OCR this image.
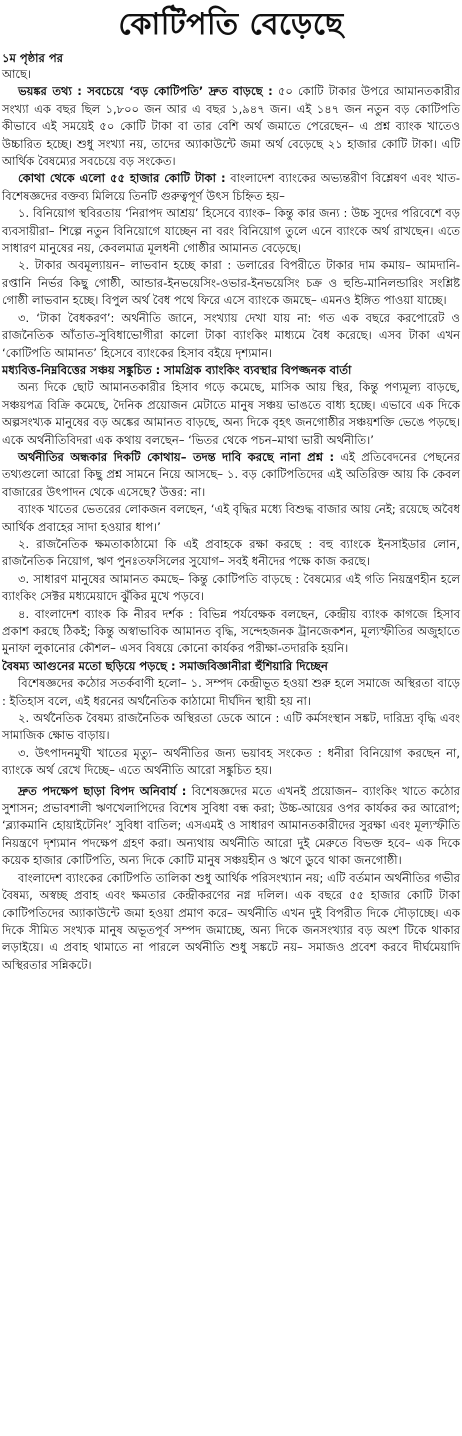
কোটিপতি বেড়েছে

১ম পৃষ্ঠার পর

আছে।

ভয়ঙ্কর তথ্য : সবচেয়ে ‘বড় কোটিপতি’ দ্রুত বাড়ছে : ৫০ কোটি টাকার উপরে আমানতকারীর সংখ্যা এক বছর ছিল ১,৮০০ জন আর এ বছর ১,৯৪৭ জন। এই ১৪৭ জন নতুন বড় কোটিপতি কীভাবে এই সময়েই ৫০ কোটি টাকা বা তার বেশি অর্থ জমাতে পেরেছেন– এ প্রশ্ন ব্যাংক খাতেও উচ্চারিত হচ্ছে। শুধু সংখ্যা নয়, তাদের অ্যাকাউন্টে জমা অর্থ বেড়েছে ২১ হাজার কোটি টাকা। এটি আর্থিক বৈষম্যের সবচেয়ে বড় সংকেত।

কোথা থেকে এলো ৫৫ হাজার কোটি টাকা : বাংলাদেশ ব্যাংকের অভ্যন্তরীণ বিশ্লেষণ এবং খাত-বিশেষজ্ঞদের বক্তব্য মিলিয়ে তিনটি গুরুত্বপূর্ণ উৎস চিহ্নিত হয়–

১. বিনিয়োগ স্থবিরতায় ‘নিরাপদ আশ্রয়’ হিসেবে ব্যাংক– কিন্তু কার জন্য : উচ্চ সুদের পরিবেশে বড় ব্যবসায়ীরা– শিল্পে নতুন বিনিয়োগে যাচ্ছেন না বরং বিনিয়োগ তুলে এনে ব্যাংকে অর্থ রাখছেন। এতে সাধারণ মানুষের নয়, কেবলমাত্র মূলধনী গোষ্ঠীর আমানত বেড়েছে।

২. টাকার অবমূল্যায়ন– লাভবান হচ্ছে কারা : ডলারের বিপরীতে টাকার দাম কমায়– আমদানি-রপ্তানি নির্ভর কিছু গোষ্ঠী, আন্ডার-ইনভয়েসিং-ওভার-ইনভয়েসিং চক্র ও হুন্ডি-মানিলন্ডারিং সংশ্লিষ্ট গোষ্ঠী লাভবান হচ্ছে। বিপুল অর্থ বৈধ পথে ফিরে এসে ব্যাংকে জমছে– এমনও ইঙ্গিত পাওয়া যাচ্ছে।

৩. ‘টাকা বৈধকরণ’: অর্থনীতি জানে, সংখ্যায় দেখা যায় না: গত এক বছরে করপোরেট ও রাজনৈতিক আঁতাত-সুবিধাভোগীরা কালো টাকা ব্যাংকিং মাধ্যমে বৈধ করেছে। এসব টাকা এখন ‘কোটিপতি আমানত’ হিসেবে ব্যাংকের হিসাব বইয়ে দৃশ্যমান।

মধ্যবিত্ত-নিম্নবিত্তের সঞ্চয় সঙ্কুচিত : সামগ্রিক ব্যাংকিং ব্যবস্থার বিপজ্জনক বার্তা

অন্য দিকে ছোট আমানতকারীর হিসাব গড়ে কমেছে, মাসিক আয় স্থির, কিন্তু পণ্যমূল্য বাড়ছে, সঞ্চয়পত্র বিক্রি কমেছে, দৈনিক প্রয়োজন মেটাতে মানুষ সঞ্চয় ভাঙতে বাধ্য হচ্ছে। এভাবে এক দিকে অল্পসংখ্যক মানুষের বড় অঙ্কের আমানত বাড়ছে, অন্য দিকে বৃহৎ জনগোষ্ঠীর সঞ্চয়শক্তি ভেঙে পড়ছে। একে অর্থনীতিবিদরা এক কথায় বলছেন– ‘ভিতর থেকে পচন–মাথা ভারী অর্থনীতি।’

অর্থনীতির অন্ধকার দিকটি কোথায়– তদন্ত দাবি করছে নানা প্রশ্ন : এই প্রতিবেদনের পেছনের তথ্যগুলো আরো কিছু প্রশ্ন সামনে নিয়ে আসছে– ১. বড় কোটিপতিদের এই অতিরিক্ত আয় কি কেবল বাজারের উৎপাদন থেকে এসেছে? উত্তর: না।

ব্যাংক খাতের ভেতরের লোকজন বলছেন, ‘এই বৃদ্ধির মধ্যে বিশুদ্ধ বাজার আয় নেই; রয়েছে অবৈধ আর্থিক প্রবাহের সাদা হওয়ার ধাপ।’

২. রাজনৈতিক ক্ষমতাকাঠামো কি এই প্রবাহকে রক্ষা করছে : বহু ব্যাংকে ইনসাইডার লোন, রাজনৈতিক নিয়োগ, ঋণ পুনঃতফসিলের সুযোগ– সবই ধনীদের পক্ষে কাজ করছে।

৩. সাধারণ মানুষের আমানত কমছে– কিন্তু কোটিপতি বাড়ছে : বৈষম্যের এই গতি নিয়ন্ত্রণহীন হলে ব্যাংকিং সেক্টর মধ্যমেয়াদে ঝুঁকির মুখে পড়বে।

৪. বাংলাদেশ ব্যাংক কি নীরব দর্শক : বিভিন্ন পর্যবেক্ষক বলছেন, কেন্দ্রীয় ব্যাংক কাগজে হিসাব প্রকাশ করছে ঠিকই; কিন্তু অস্বাভাবিক আমানত বৃদ্ধি, সন্দেহজনক ট্রানজেকশন, মূল্যস্ফীতির অজুহাতে মুনাফা লুকানোর কৌশল– এসব বিষয়ে কোনো কার্যকর পরীক্ষা-তদারকি হয়নি।

বৈষম্য আগুনের মতো ছড়িয়ে পড়ছে : সমাজবিজ্ঞানীরা হুঁশিয়ারি দিচ্ছেন

বিশেষজ্ঞদের কঠোর সতর্কবাণী হলো– ১. সম্পদ কেন্দ্রীভূত হওয়া শুরু হলে সমাজে অস্থিরতা বাড়ে : ইতিহাস বলে, এই ধরনের অর্থনৈতিক কাঠামো দীর্ঘদিন স্থায়ী হয় না।

২. অর্থনৈতিক বৈষম্য রাজনৈতিক অস্থিরতা ডেকে আনে : এটি কর্মসংস্থান সঙ্কট, দারিদ্র্য বৃদ্ধি এবং সামাজিক ক্ষোভ বাড়ায়।

৩. উৎপাদনমুখী খাতের মৃত্যু– অর্থনীতির জন্য ভয়াবহ সংকেত : ধনীরা বিনিয়োগ করছেন না, ব্যাংকে অর্থ রেখে দিচ্ছে– এতে অর্থনীতি আরো সঙ্কুচিত হয়।

দ্রুত পদক্ষেপ ছাড়া বিপদ অনিবার্য : বিশেষজ্ঞদের মতে এখনই প্রয়োজন– ব্যাংকিং খাতে কঠোর সুশাসন; প্রভাবশালী ঋণখেলাপিদের বিশেষ সুবিধা বন্ধ করা; উচ্চ-আয়ের ওপর কার্যকর কর আরোপ; ‘ব্ল্যাকমানি হোয়াইটেনিং’ সুবিধা বাতিল; এসএমই ও সাধারণ আমানতকারীদের সুরক্ষা এবং মূল্যস্ফীতি নিয়ন্ত্রণে দৃশ্যমান পদক্ষেপ গ্রহণ করা। অন্যথায় অর্থনীতি আরো দুই মেরুতে বিভক্ত হবে– এক দিকে কয়েক হাজার কোটিপতি, অন্য দিকে কোটি মানুষ সঞ্চয়হীন ও ঋণে ডুবে থাকা জনগোষ্ঠী।

বাংলাদেশ ব্যাংকের কোটিপতি তালিকা শুধু আর্থিক পরিসংখ্যান নয়; এটি বর্তমান অর্থনীতির গভীর বৈষম্য, অস্বচ্ছ প্রবাহ এবং ক্ষমতার কেন্দ্রীকরণের নগ্ন দলিল। এক বছরে ৫৫ হাজার কোটি টাকা কোটিপতিদের অ্যাকাউন্টে জমা হওয়া প্রমাণ করে– অর্থনীতি এখন দুই বিপরীত দিকে দৌড়াচ্ছে। এক দিকে সীমিত সংখ্যক মানুষ অভূতপূর্ব সম্পদ জমাচ্ছে, অন্য দিকে জনসংখ্যার বড় অংশ টিকে থাকার লড়াইয়ে। এ প্রবাহ থামাতে না পারলে অর্থনীতি শুধু সঙ্কটে নয়– সমাজও প্রবেশ করবে দীর্ঘমেয়াদি অস্থিরতার সন্নিকটে।
